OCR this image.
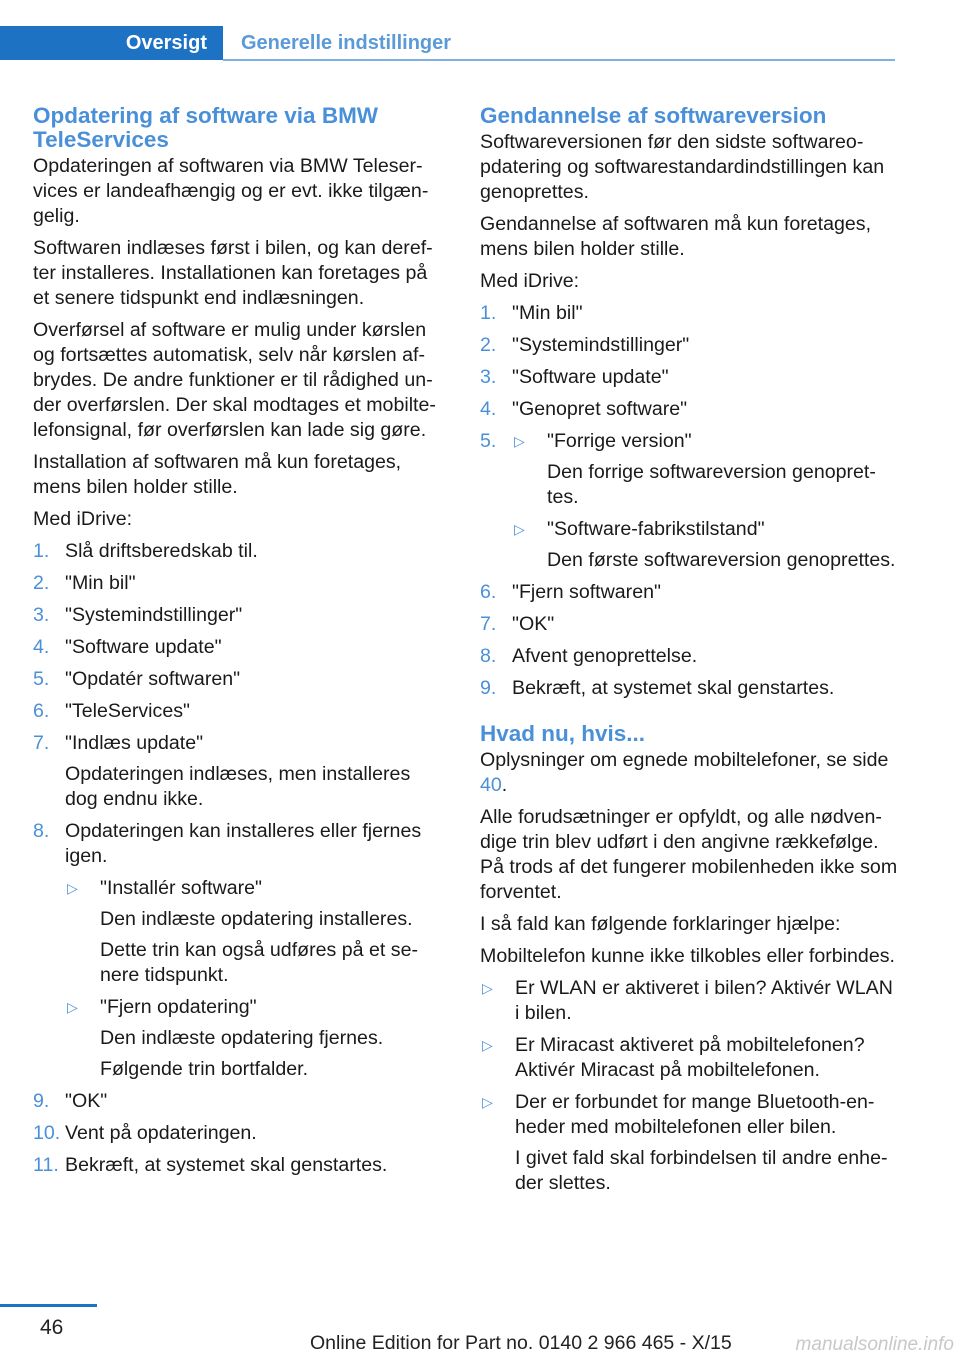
Oversigt	Generelle indstillinger
Opdatering af software via BMW TeleServices

Opdateringen af softwaren via BMW Teleservices er landeafhængig og er evt. ikke tilgængelig.

Softwaren indlæses først i bilen, og kan derefter installeres. Installationen kan foretages på et senere tidspunkt end indlæsningen.

Overførsel af software er mulig under kørslen og fortsættes automatisk, selv når kørslen afbrydes. De andre funktioner er til rådighed under overførslen. Der skal modtages et mobiltelefonsignal, før overførslen kan lade sig gøre.

Installation af softwaren må kun foretages, mens bilen holder stille.

Med iDrive:

1. Slå driftsberedskab til.
2. "Min bil"
3. "Systemindstillinger"
4. "Software update"
5. "Opdatér softwaren"
6. "TeleServices"
7. "Indlæs update"
Opdateringen indlæses, men installeres dog endnu ikke.
8. Opdateringen kan installeres eller fjernes igen.
▷ "Installér software"
Den indlæste opdatering installeres.
Dette trin kan også udføres på et senere tidspunkt.
▷ "Fjern opdatering"
Den indlæste opdatering fjernes.
Følgende trin bortfalder.
9. "OK"
10. Vent på opdateringen.
11. Bekræft, at systemet skal genstartes.
Gendannelse af softwareversion

Softwareversionen før den sidste softwareopdatering og softwarestandardindstillingen kan genoprettes.

Gendannelse af softwaren må kun foretages, mens bilen holder stille.

Med iDrive:

1. "Min bil"
2. "Systemindstillinger"
3. "Software update"
4. "Genopret software"
5. ▷ "Forrige version"
Den forrige softwareversion genoprettes.
▷ "Software-fabrikstilstand"
Den første softwareversion genoprettes.
6. "Fjern softwaren"
7. "OK"
8. Afvent genoprettelse.
9. Bekræft, at systemet skal genstartes.
Hvad nu, hvis...

Oplysninger om egnede mobiltelefoner, se side 40.

Alle forudsætninger er opfyldt, og alle nødvendige trin blev udført i den angivne rækkefølge. På trods af det fungerer mobilenheden ikke som forventet.

I så fald kan følgende forklaringer hjælpe:

Mobiltelefon kunne ikke tilkobles eller forbindes.

▷ Er WLAN er aktiveret i bilen? Aktivér WLAN i bilen.
▷ Er Miracast aktiveret på mobiltelefonen? Aktivér Miracast på mobiltelefonen.
▷ Der er forbundet for mange Bluetooth-enheder med mobiltelefonen eller bilen.
I givet fald skal forbindelsen til andre enheder slettes.
46
Online Edition for Part no. 0140 2 966 465 - X/15	manualsonline.info
